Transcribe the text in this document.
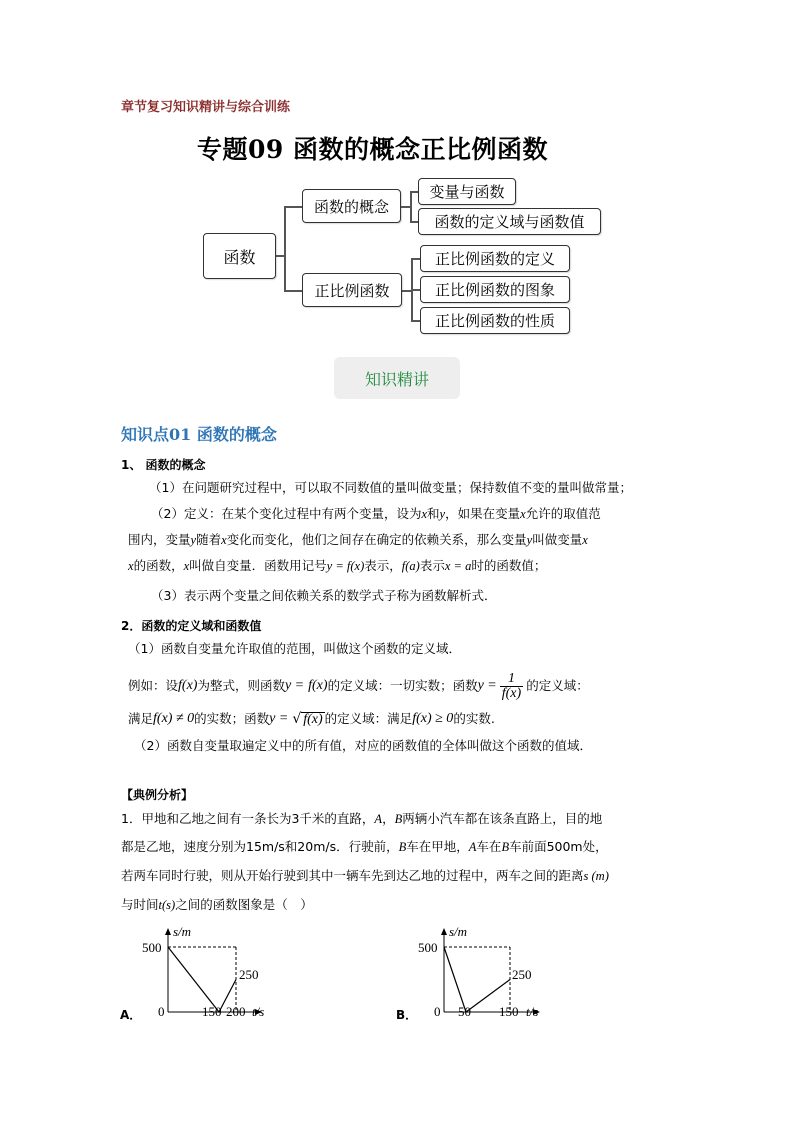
章节复习知识精讲与综合训练
专题09 函数的概念正比例函数
函数
函数的概念
变量与函数
函数的定义域与函数值
正比例函数
正比例函数的定义
正比例函数的图象
正比例函数的性质
知识精讲
知识点01 函数的概念
1、 函数的概念
（1）在问题研究过程中，可以取不同数值的量叫做变量；保持数值不变的量叫做常量；
（2）定义：在某个变化过程中有两个变量，设为x和y，如果在变量x允许的取值范
围内，变量y随着x变化而变化，他们之间存在确定的依赖关系，那么变量y叫做变量x
x的函数，x叫做自变量．函数用记号y = f(x)表示，f(a)表示x = a时的函数值；
（3）表示两个变量之间依赖关系的数学式子称为函数解析式．
2．函数的定义域和函数值
（1）函数自变量允许取值的范围，叫做这个函数的定义域．
例如：设 f(x) 为整式，则函数 y =
f(x) 的定义域：一切实数；函数 $y = \frac{1}{f(x)}$ 的定义域：
满足 f(x) ≠ 0 的实数；函数 y =
√ f(x) 的定义域：满足 f(x) ≥ 0 的实数.
（2）函数自变量取遍定义中的所有值，对应的函数值的全体叫做这个函数的值域．
【典例分析】
1．甲地和乙地之间有一条长为3千米的直路，A，B两辆小汽车都在该条直路上，目的地
都是乙地，速度分别为15m/s和20m/s．行驶前，B车在甲地，A车在B车前面500m处，
若两车同时行驶，则从开始行驶到其中一辆车先到达乙地的过程中，两车之间的距离s (m)
与时间t(s)之间的函数图象是（　）
A．
s/m
500
0	150 200 t/s
250
B．
s/m
500
0 50 150 t/s
250
